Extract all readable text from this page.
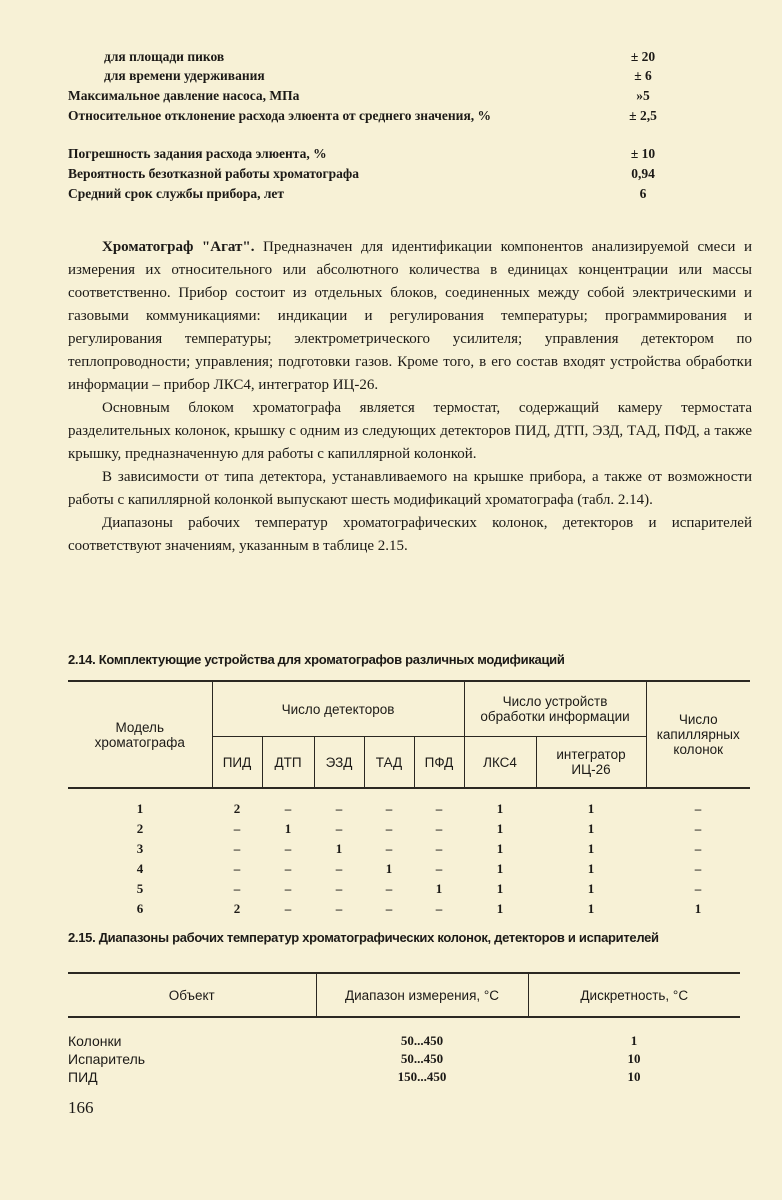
для площади пиков	± 20
для времени удерживания	± 6
Максимальное давление насоса, МПа	»5
Относительное отклонение расхода элюента от среднего значения, %	± 2,5
Погрешность задания расхода элюента, %	± 10
Вероятность безотказной работы хроматографа	0,94
Средний срок службы прибора, лет	6

Хроматограф "Агат". Предназначен для идентификации компонентов анализируемой смеси и измерения их относительного или абсолютного количества в единицах концентрации или массы соответственно. Прибор состоит из отдельных блоков, соединенных между собой электрическими и газовыми коммуникациями: индикации и регулирования температуры; программирования и регулирования температуры; электрометрического усилителя; управления детектором по теплопроводности; управления; подготовки газов. Кроме того, в его состав входят устройства обработки информации – прибор ЛКС4, интегратор ИЦ-26.

Основным блоком хроматографа является термостат, содержащий камеру термостата разделительных колонок, крышку с одним из следующих детекторов ПИД, ДТП, ЭЗД, ТАД, ПФД, а также крышку, предназначенную для работы с капиллярной колонкой.

В зависимости от типа детектора, устанавливаемого на крышке прибора, а также от возможности работы с капиллярной колонкой выпускают шесть модификаций хроматографа (табл. 2.14).

Диапазоны рабочих температур хроматографических колонок, детекторов и испарителей соответствуют значениям, указанным в таблице 2.15.

2.14. Комплектующие устройства для хроматографов различных модификаций
Модель хроматографа	Число детекторов					Число устройств обработки информации		Число капиллярных колонок
	ПИД	ДТП	ЭЗД	ТАД	ПФД	ЛКС4	интегратор ИЦ-26	

1	2	–	–	–	–	1	1	–
2	–	1	–	–	–	1	1	–
3	–	–	1	–	–	1	1	–
4	–	–	–	1	–	1	1	–
5	–	–	–	–	1	1	1	–
6	2	–	–	–	–	1	1	1
2.15. Диапазоны рабочих температур хроматографических колонок, детекторов и испарителей
Объект	Диапазон измерения, °С	Дискретность, °С

Колонки	50...450	1
Испаритель	50...450	10
ПИД	150...450	10
166
